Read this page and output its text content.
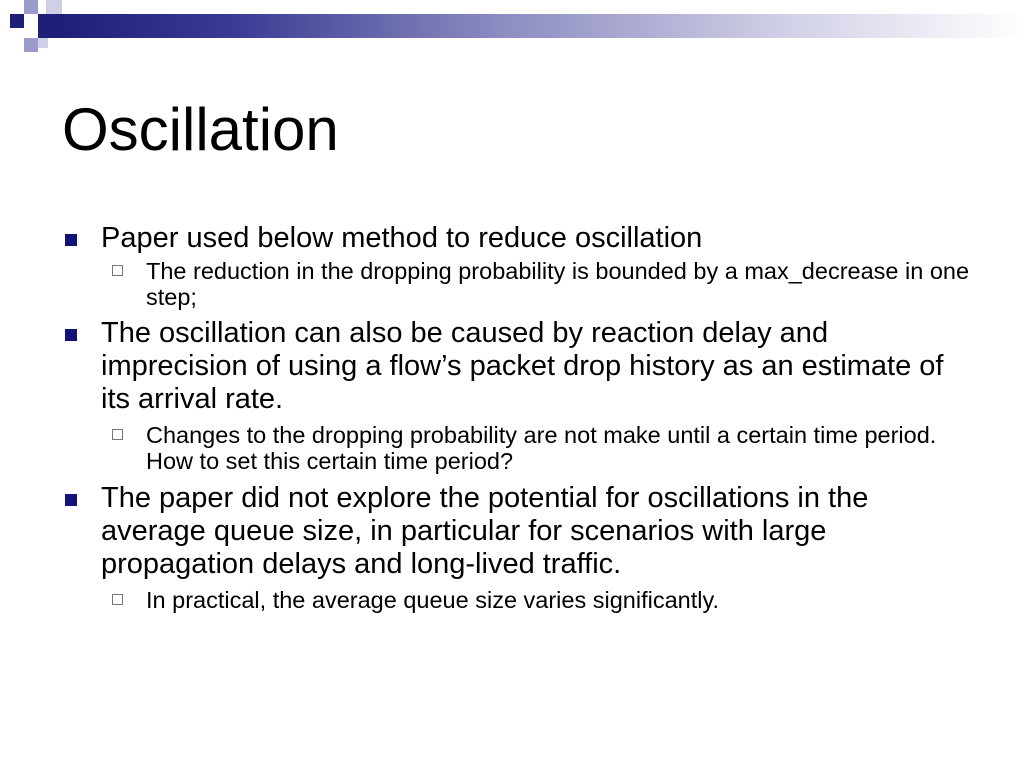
Oscillation

Paper used below method to reduce oscillation

The reduction in the dropping probability is bounded by a max_decrease in one step;

The oscillation can also be caused by reaction delay and imprecision of using a flow’s packet drop history as an estimate of its arrival rate.

Changes to the dropping probability are not make until a certain time period. How to set this certain time period?

The paper did not explore the potential for oscillations in the average queue size, in particular for scenarios with large propagation delays and long-lived traffic.

In practical, the average queue size varies significantly.
